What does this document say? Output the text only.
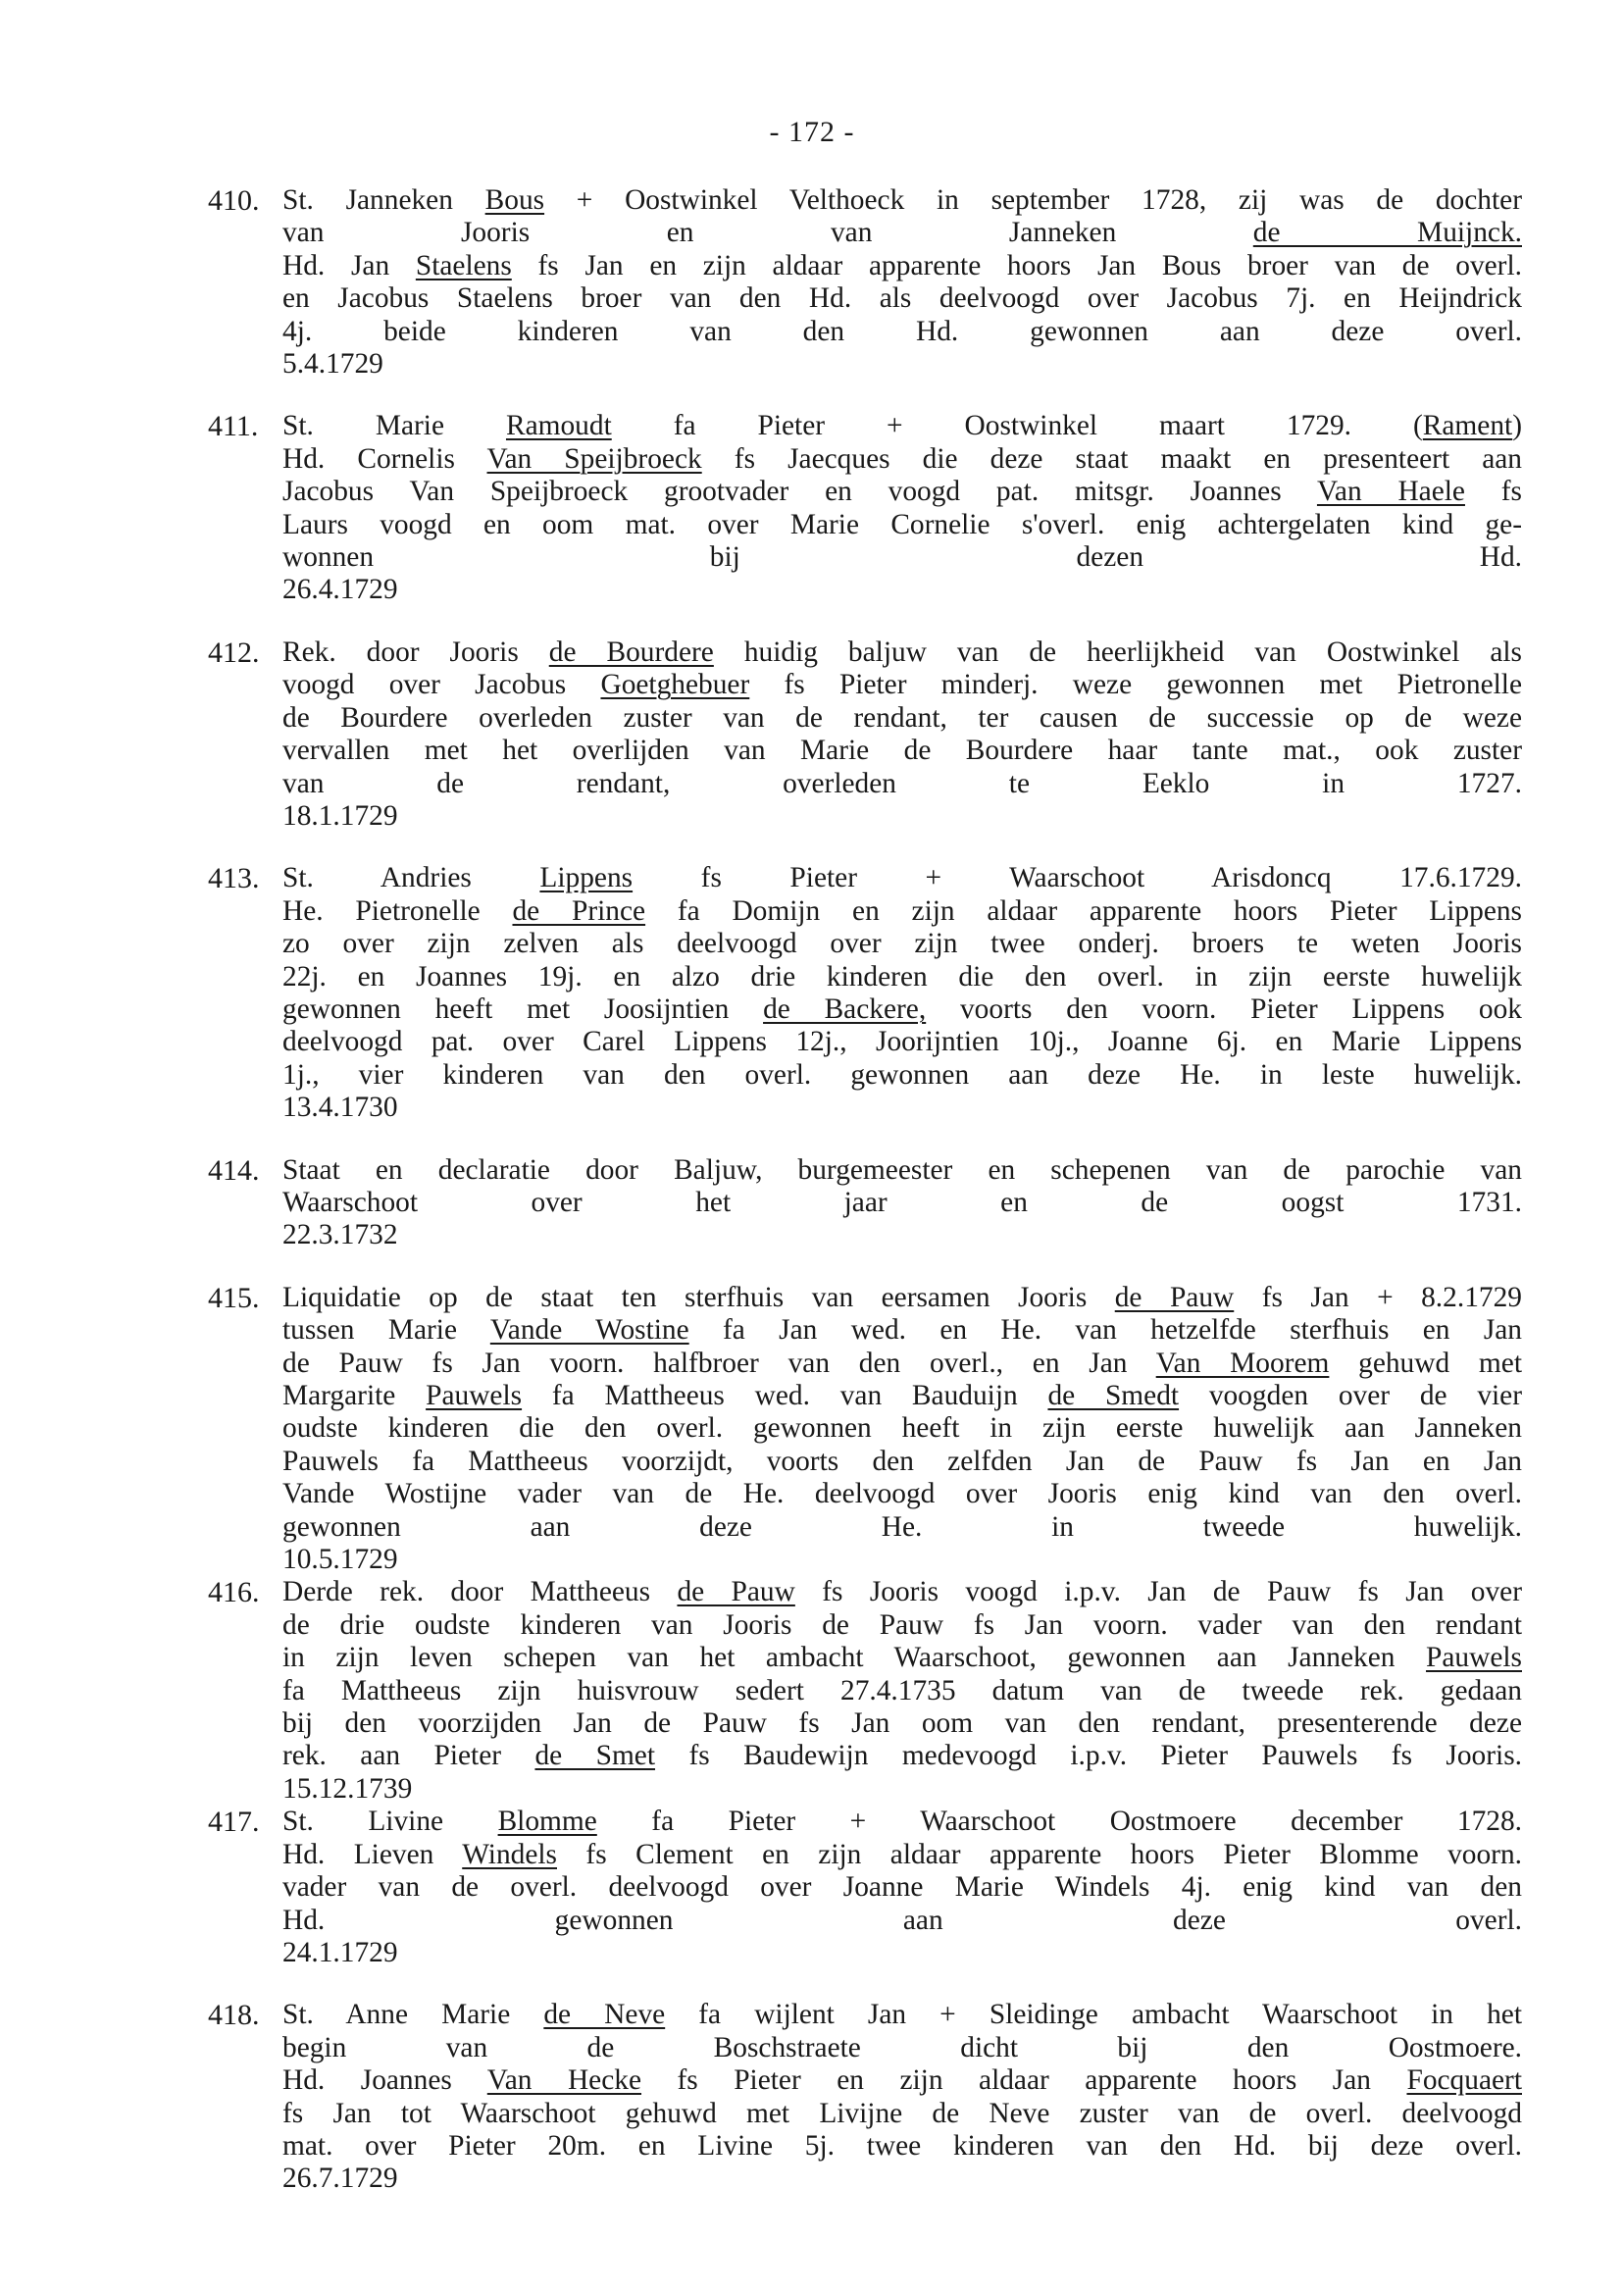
- 172 -
410. St. Janneken Bous + Oostwinkel Velthoeck in september 1728, zij was de dochter
van Jooris en van Janneken de Muijnck.
Hd. Jan Staelens fs Jan en zijn aldaar apparente hoors Jan Bous broer van de overl.
en Jacobus Staelens broer van den Hd. als deelvoogd over Jacobus 7j. en Heijndrick
4j. beide kinderen van den Hd. gewonnen aan deze overl.
5.4.1729
411. St. Marie Ramoudt fa Pieter + Oostwinkel maart 1729. (Rament)
Hd. Cornelis Van Speijbroeck fs Jaecques die deze staat maakt en presenteert aan
Jacobus Van Speijbroeck grootvader en voogd pat. mitsgr. Joannes Van Haele fs
Laurs voogd en oom mat. over Marie Cornelie s'overl. enig achtergelaten kind ge-
wonnen bij dezen Hd.
26.4.1729
412. Rek. door Jooris de Bourdere huidig baljuw van de heerlijkheid van Oostwinkel als
voogd over Jacobus Goetghebuer fs Pieter minderj. weze gewonnen met Pietronelle
de Bourdere overleden zuster van de rendant, ter causen de successie op de weze
vervallen met het overlijden van Marie de Bourdere haar tante mat., ook zuster
van de rendant, overleden te Eeklo in 1727.
18.1.1729
413. St. Andries Lippens fs Pieter + Waarschoot Arisdoncq 17.6.1729.
He. Pietronelle de Prince fa Domijn en zijn aldaar apparente hoors Pieter Lippens
zo over zijn zelven als deelvoogd over zijn twee onderj. broers te weten Jooris
22j. en Joannes 19j. en alzo drie kinderen die den overl. in zijn eerste huwelijk
gewonnen heeft met Joosijntien de Backere, voorts den voorn. Pieter Lippens ook
deelvoogd pat. over Carel Lippens 12j., Joorijntien 10j., Joanne 6j. en Marie Lippens
1j., vier kinderen van den overl. gewonnen aan deze He. in leste huwelijk.
13.4.1730
414. Staat en declaratie door Baljuw, burgemeester en schepenen van de parochie van
Waarschoot over het jaar en de oogst 1731.
22.3.1732
415. Liquidatie op de staat ten sterfhuis van eersamen Jooris de Pauw fs Jan + 8.2.1729
tussen Marie Vande Wostine fa Jan wed. en He. van hetzelfde sterfhuis en Jan
de Pauw fs Jan voorn. halfbroer van den overl., en Jan Van Moorem gehuwd met
Margarite Pauwels fa Mattheeus wed. van Bauduijn de Smedt voogden over de vier
oudste kinderen die den overl. gewonnen heeft in zijn eerste huwelijk aan Janneken
Pauwels fa Mattheeus voorzijdt, voorts den zelfden Jan de Pauw fs Jan en Jan
Vande Wostijne vader van de He. deelvoogd over Jooris enig kind van den overl.
gewonnen aan deze He. in tweede huwelijk.
10.5.1729
416. Derde rek. door Mattheeus de Pauw fs Jooris voogd i.p.v. Jan de Pauw fs Jan over
de drie oudste kinderen van Jooris de Pauw fs Jan voorn. vader van den rendant
in zijn leven schepen van het ambacht Waarschoot, gewonnen aan Janneken Pauwels
fa Mattheeus zijn huisvrouw sedert 27.4.1735 datum van de tweede rek. gedaan
bij den voorzijden Jan de Pauw fs Jan oom van den rendant, presenterende deze
rek. aan Pieter de Smet fs Baudewijn medevoogd i.p.v. Pieter Pauwels fs Jooris.
15.12.1739
417. St. Livine Blomme fa Pieter + Waarschoot Oostmoere december 1728.
Hd. Lieven Windels fs Clement en zijn aldaar apparente hoors Pieter Blomme voorn.
vader van de overl. deelvoogd over Joanne Marie Windels 4j. enig kind van den
Hd. gewonnen aan deze overl.
24.1.1729
418. St. Anne Marie de Neve fa wijlent Jan + Sleidinge ambacht Waarschoot in het
begin van de Boschstraete dicht bij den Oostmoere.
Hd. Joannes Van Hecke fs Pieter en zijn aldaar apparente hoors Jan Focquaert
fs Jan tot Waarschoot gehuwd met Livijne de Neve zuster van de overl. deelvoogd
mat. over Pieter 20m. en Livine 5j. twee kinderen van den Hd. bij deze overl.
26.7.1729
